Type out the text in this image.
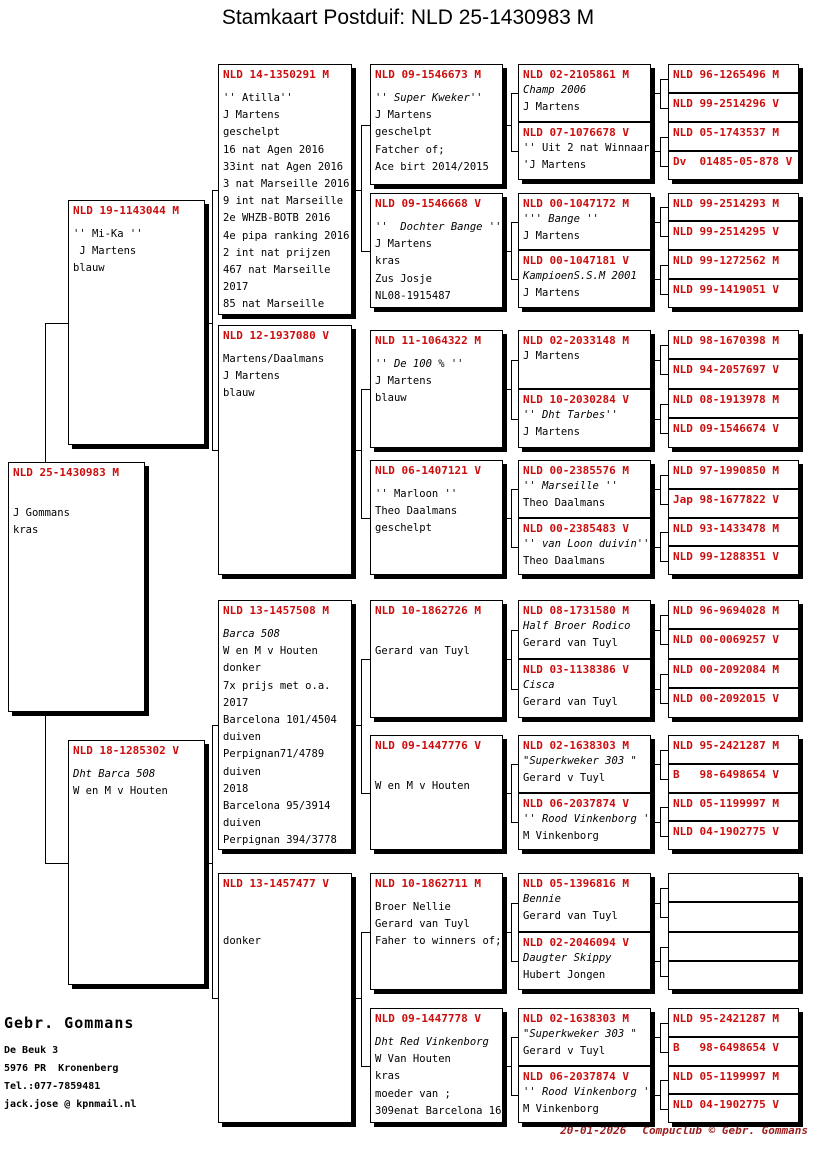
Stamkaart Postduif: NLD 25-1430983 M
NLD 25-1430983 M
J Gommans
kras
NLD 19-1143044 M
'' Mi-Ka ''
J Martens
blauw
NLD 18-1285302 V
Dht Barca 508
W en M v Houten
NLD 14-1350291 M
'' Atilla''
J Martens
geschelpt
16 nat Agen 2016
33int nat Agen 2016
3 nat Marseille 2016
9 int nat Marseille
2e WHZB-BOTB 2016
4e pipa ranking 2016
2 int nat prijzen
467 nat Marseille
2017
85 nat Marseille
NLD 12-1937080 V
Martens/Daalmans
J Martens
blauw
NLD 13-1457508 M
Barca 508
W en M v Houten
donker
7x prijs met o.a.
2017
Barcelona 101/4504
duiven
Perpignan71/4789
duiven
2018
Barcelona 95/3914
duiven
Perpignan 394/3778
NLD 13-1457477 V
donker
NLD 09-1546673 M
'' Super Kweker''
J Martens
geschelpt
Fatcher of;
Ace birt 2014/2015
NLD 09-1546668 V
''  Dochter Bange ''
J Martens
kras
Zus Josje
NL08-1915487
NLD 11-1064322 M
'' De 100 % ''
J Martens
blauw
NLD 06-1407121 V
'' Marloon ''
Theo Daalmans
geschelpt
NLD 10-1862726 M
Gerard van Tuyl
NLD 09-1447776 V
W en M v Houten
NLD 10-1862711 M
Broer Nellie
Gerard van Tuyl
Faher to winners of;
NLD 09-1447778 V
Dht Red Vinkenborg
W Van Houten
kras
moeder van ;
309enat Barcelona 16
NLD 02-2105861 M
Champ 2006
J Martens
NLD 07-1076678 V
'' Uit 2 nat Winnaar
'J Martens
NLD 00-1047172 M
''' Bange ''
J Martens
NLD 00-1047181 V
KampioenS.S.M 2001
J Martens
NLD 02-2033148 M
J Martens
NLD 10-2030284 V
'' Dht Tarbes''
J Martens
NLD 00-2385576 M
'' Marseille ''
Theo Daalmans
NLD 00-2385483 V
'' van Loon duivin''
Theo Daalmans
NLD 08-1731580 M
Half Broer Rodico
Gerard van Tuyl
NLD 03-1138386 V
Cisca
Gerard van Tuyl
NLD 02-1638303 M
"Superkweker 303 "
Gerard v Tuyl
NLD 06-2037874 V
'' Rood Vinkenborg '
M Vinkenborg
NLD 05-1396816 M
Bennie
Gerard van Tuyl
NLD 02-2046094 V
Daugter Skippy
Hubert Jongen
NLD 02-1638303 M
"Superkweker 303 "
Gerard v Tuyl
NLD 06-2037874 V
'' Rood Vinkenborg '
M Vinkenborg
NLD 96-1265496 M
NLD 99-2514296 V
NLD 05-1743537 M
Dv  01485-05-878 V
NLD 99-2514293 M
NLD 99-2514295 V
NLD 99-1272562 M
NLD 99-1419051 V
NLD 98-1670398 M
NLD 94-2057697 V
NLD 08-1913978 M
NLD 09-1546674 V
NLD 97-1990850 M
Jap 98-1677822 V
NLD 93-1433478 M
NLD 99-1288351 V
NLD 96-9694028 M
NLD 00-0069257 V
NLD 00-2092084 M
NLD 00-2092015 V
NLD 95-2421287 M
B   98-6498654 V
NLD 05-1199997 M
NLD 04-1902775 V
NLD 95-2421287 M
B   98-6498654 V
NLD 05-1199997 M
NLD 04-1902775 V
Gebr. Gommans
De Beuk 3
5976 PR  Kronenberg
Tel.:077-7859481
jack.jose @ kpnmail.nl
20-01-2026 Compuclub © Gebr. Gommans
